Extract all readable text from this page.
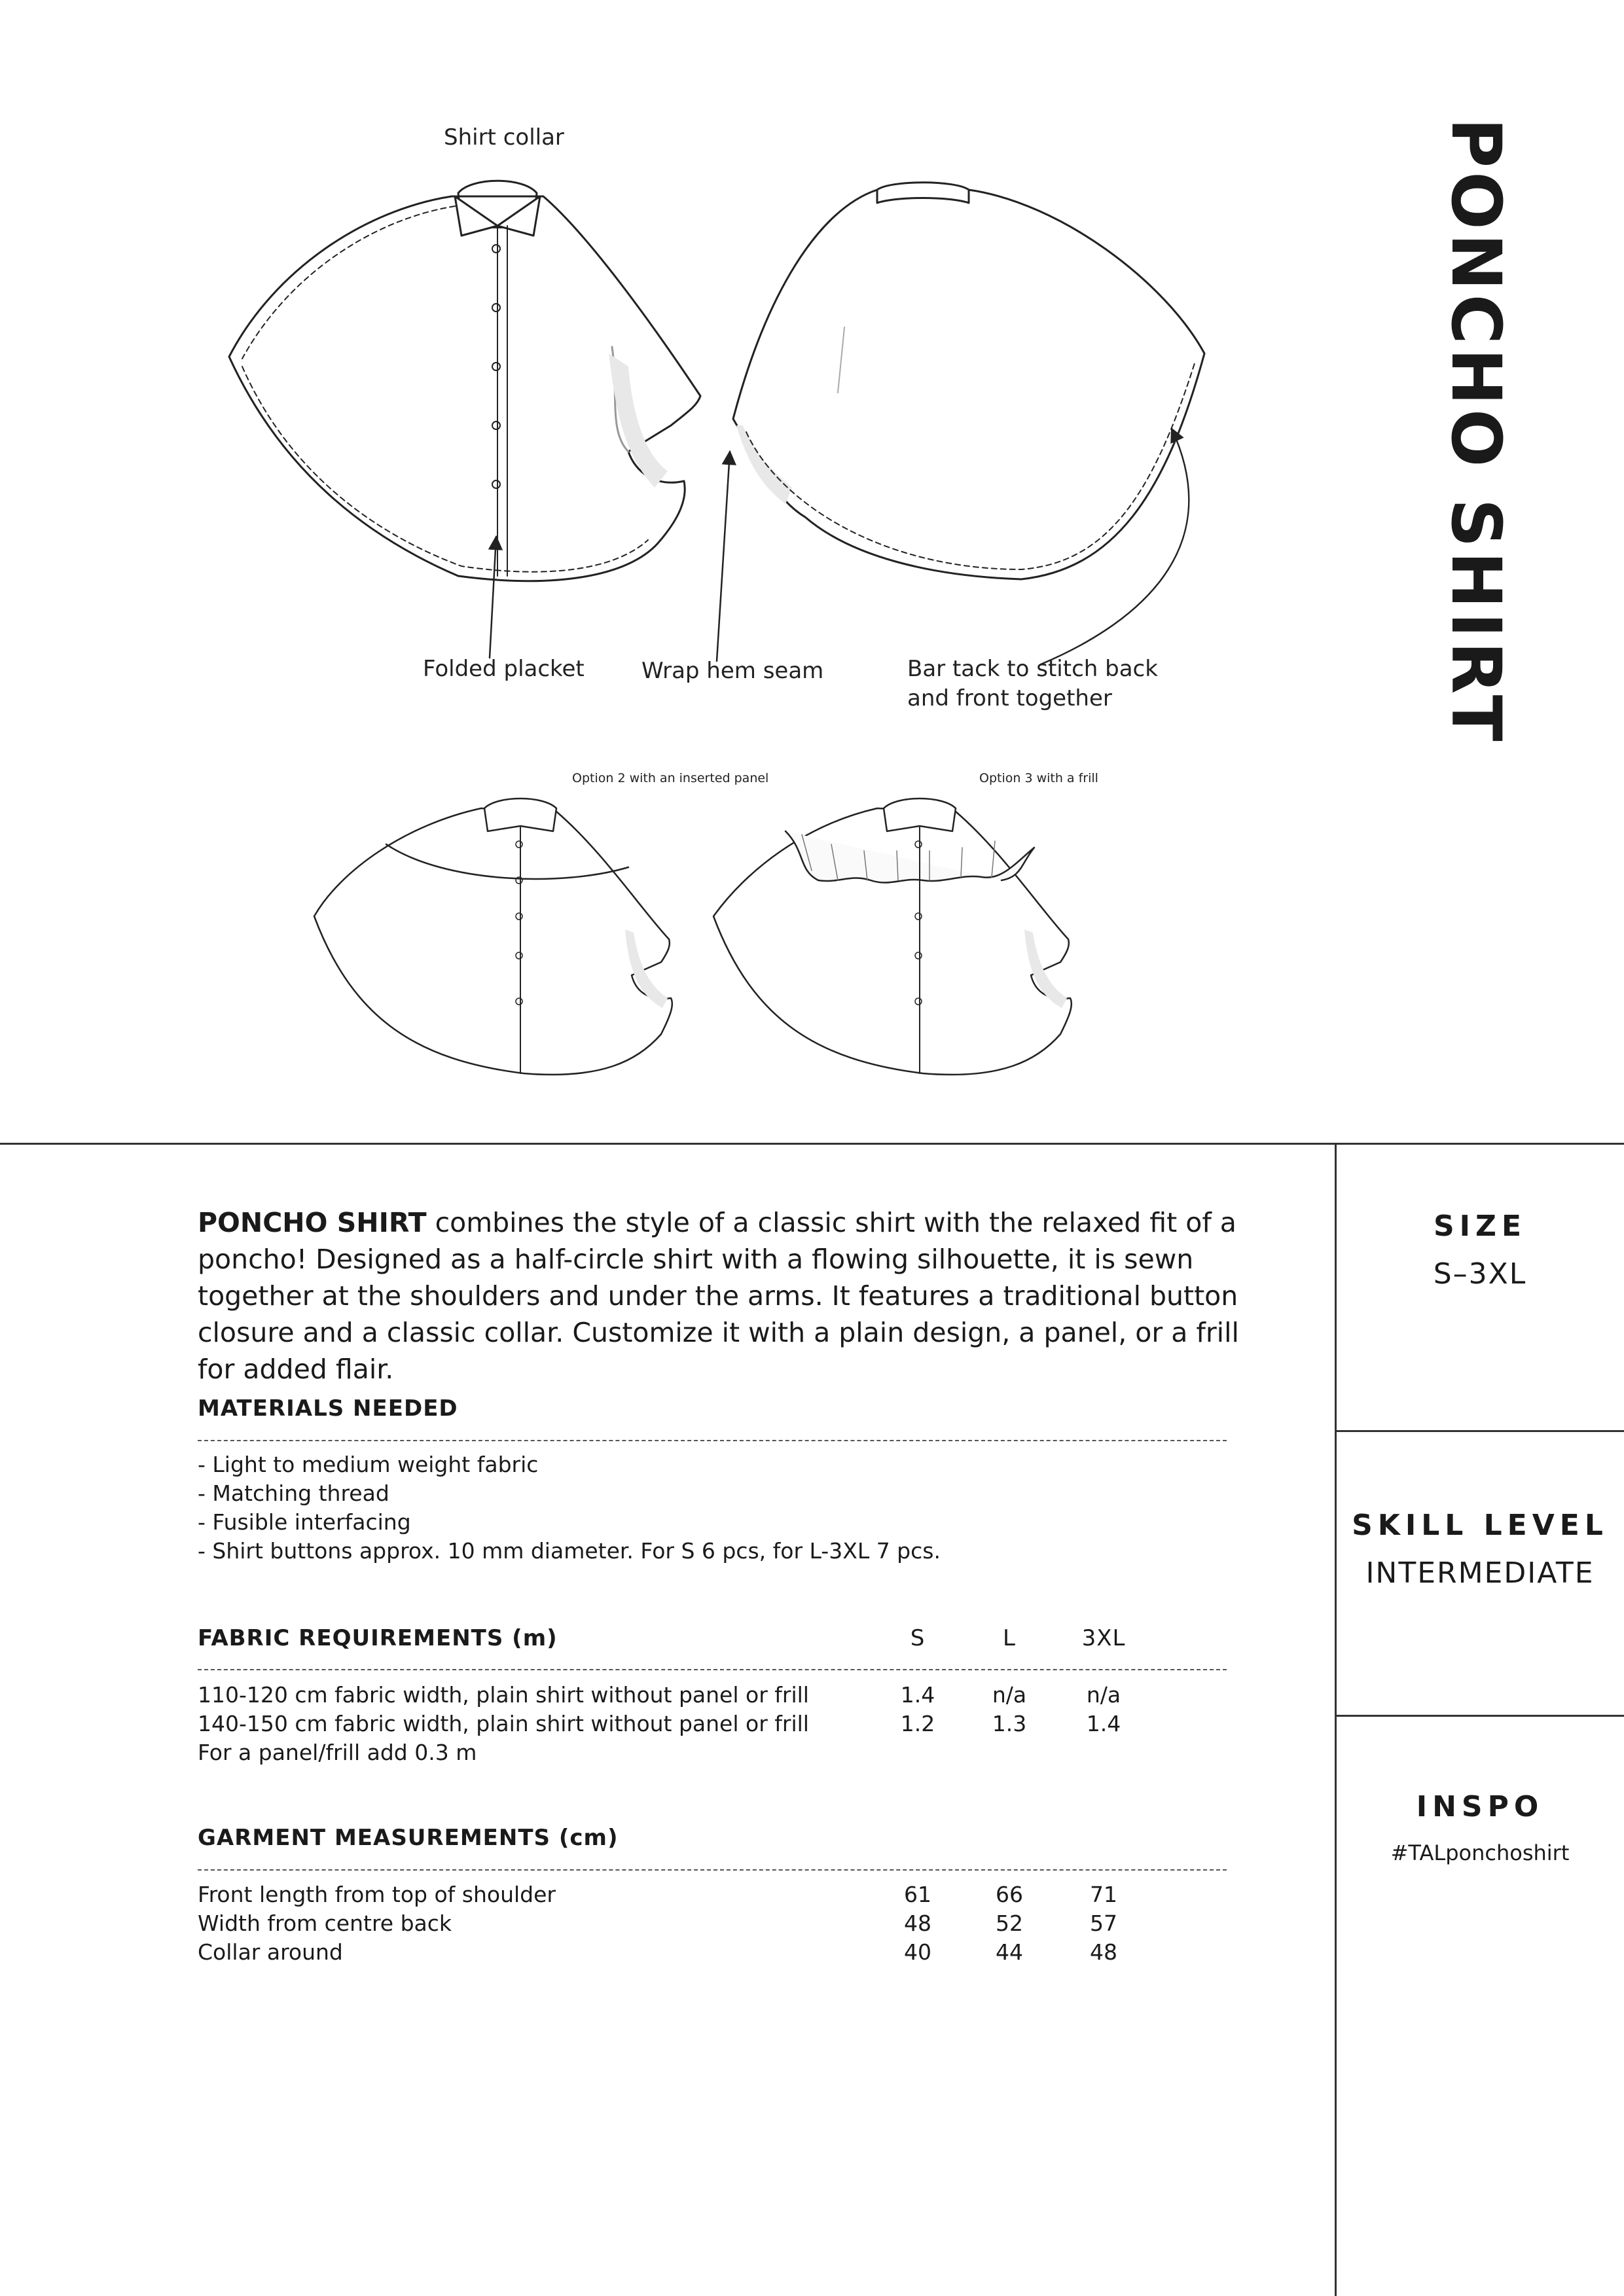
PONCHO SHIRT
Shirt collar
Folded placket	Wrap hem seam	Bar tack to stitch back
and front together
Option 2 with an inserted panel	Option 3 with a frill
SIZE

S–3XL

SKILL LEVEL

INTERMEDIATE

INSPO

#TALponchoshirt

PONCHO SHIRT combines the style of a classic shirt with the relaxed fit of a poncho! Designed as a half-circle shirt with a flowing silhouette, it is sewn together at the shoulders and under the arms. It features a traditional button closure and a classic collar. Customize it with a plain design, a panel, or a frill for added flair.
MATERIALS NEEDED
- Light to medium weight fabric
- Matching thread
- Fusible interfacing
- Shirt buttons approx. 10 mm diameter. For S 6 pcs, for L-3XL 7 pcs.
FABRIC REQUIREMENTS (m)	S	L	3XL
110-120 cm fabric width, plain shirt without panel or frill	1.4	n/a	n/a
140-150 cm fabric width, plain shirt without panel or frill	1.2	1.3	1.4
For a panel/frill add 0.3 m
GARMENT MEASUREMENTS (cm)
Front length from top of shoulder	61	66	71
Width from centre back	48	52	57
Collar around	40	44	48
